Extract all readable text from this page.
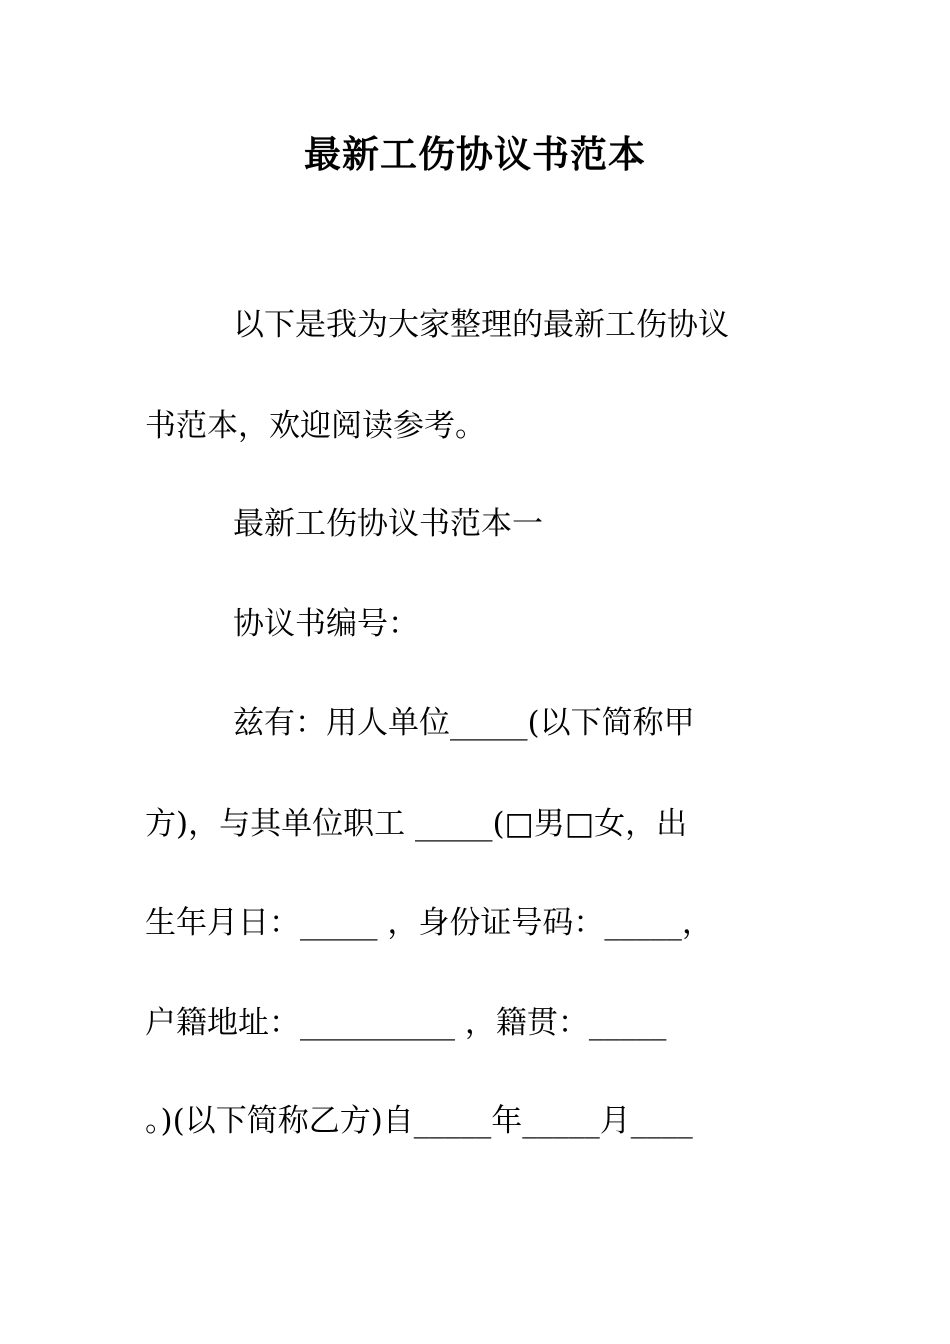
最新工伤协议书范本

以下是我为大家整理的最新工伤协议

书范本，欢迎阅读参考。

最新工伤协议书范本一

协议书编号：

兹有：用人单位_____(以下简称甲

方)，与其单位职工 _____(□男□女，出

生年月日：_____ ，身份证号码：_____，

户籍地址：__________ ，籍贯：_____

。)(以下简称乙方)自_____年_____月____
